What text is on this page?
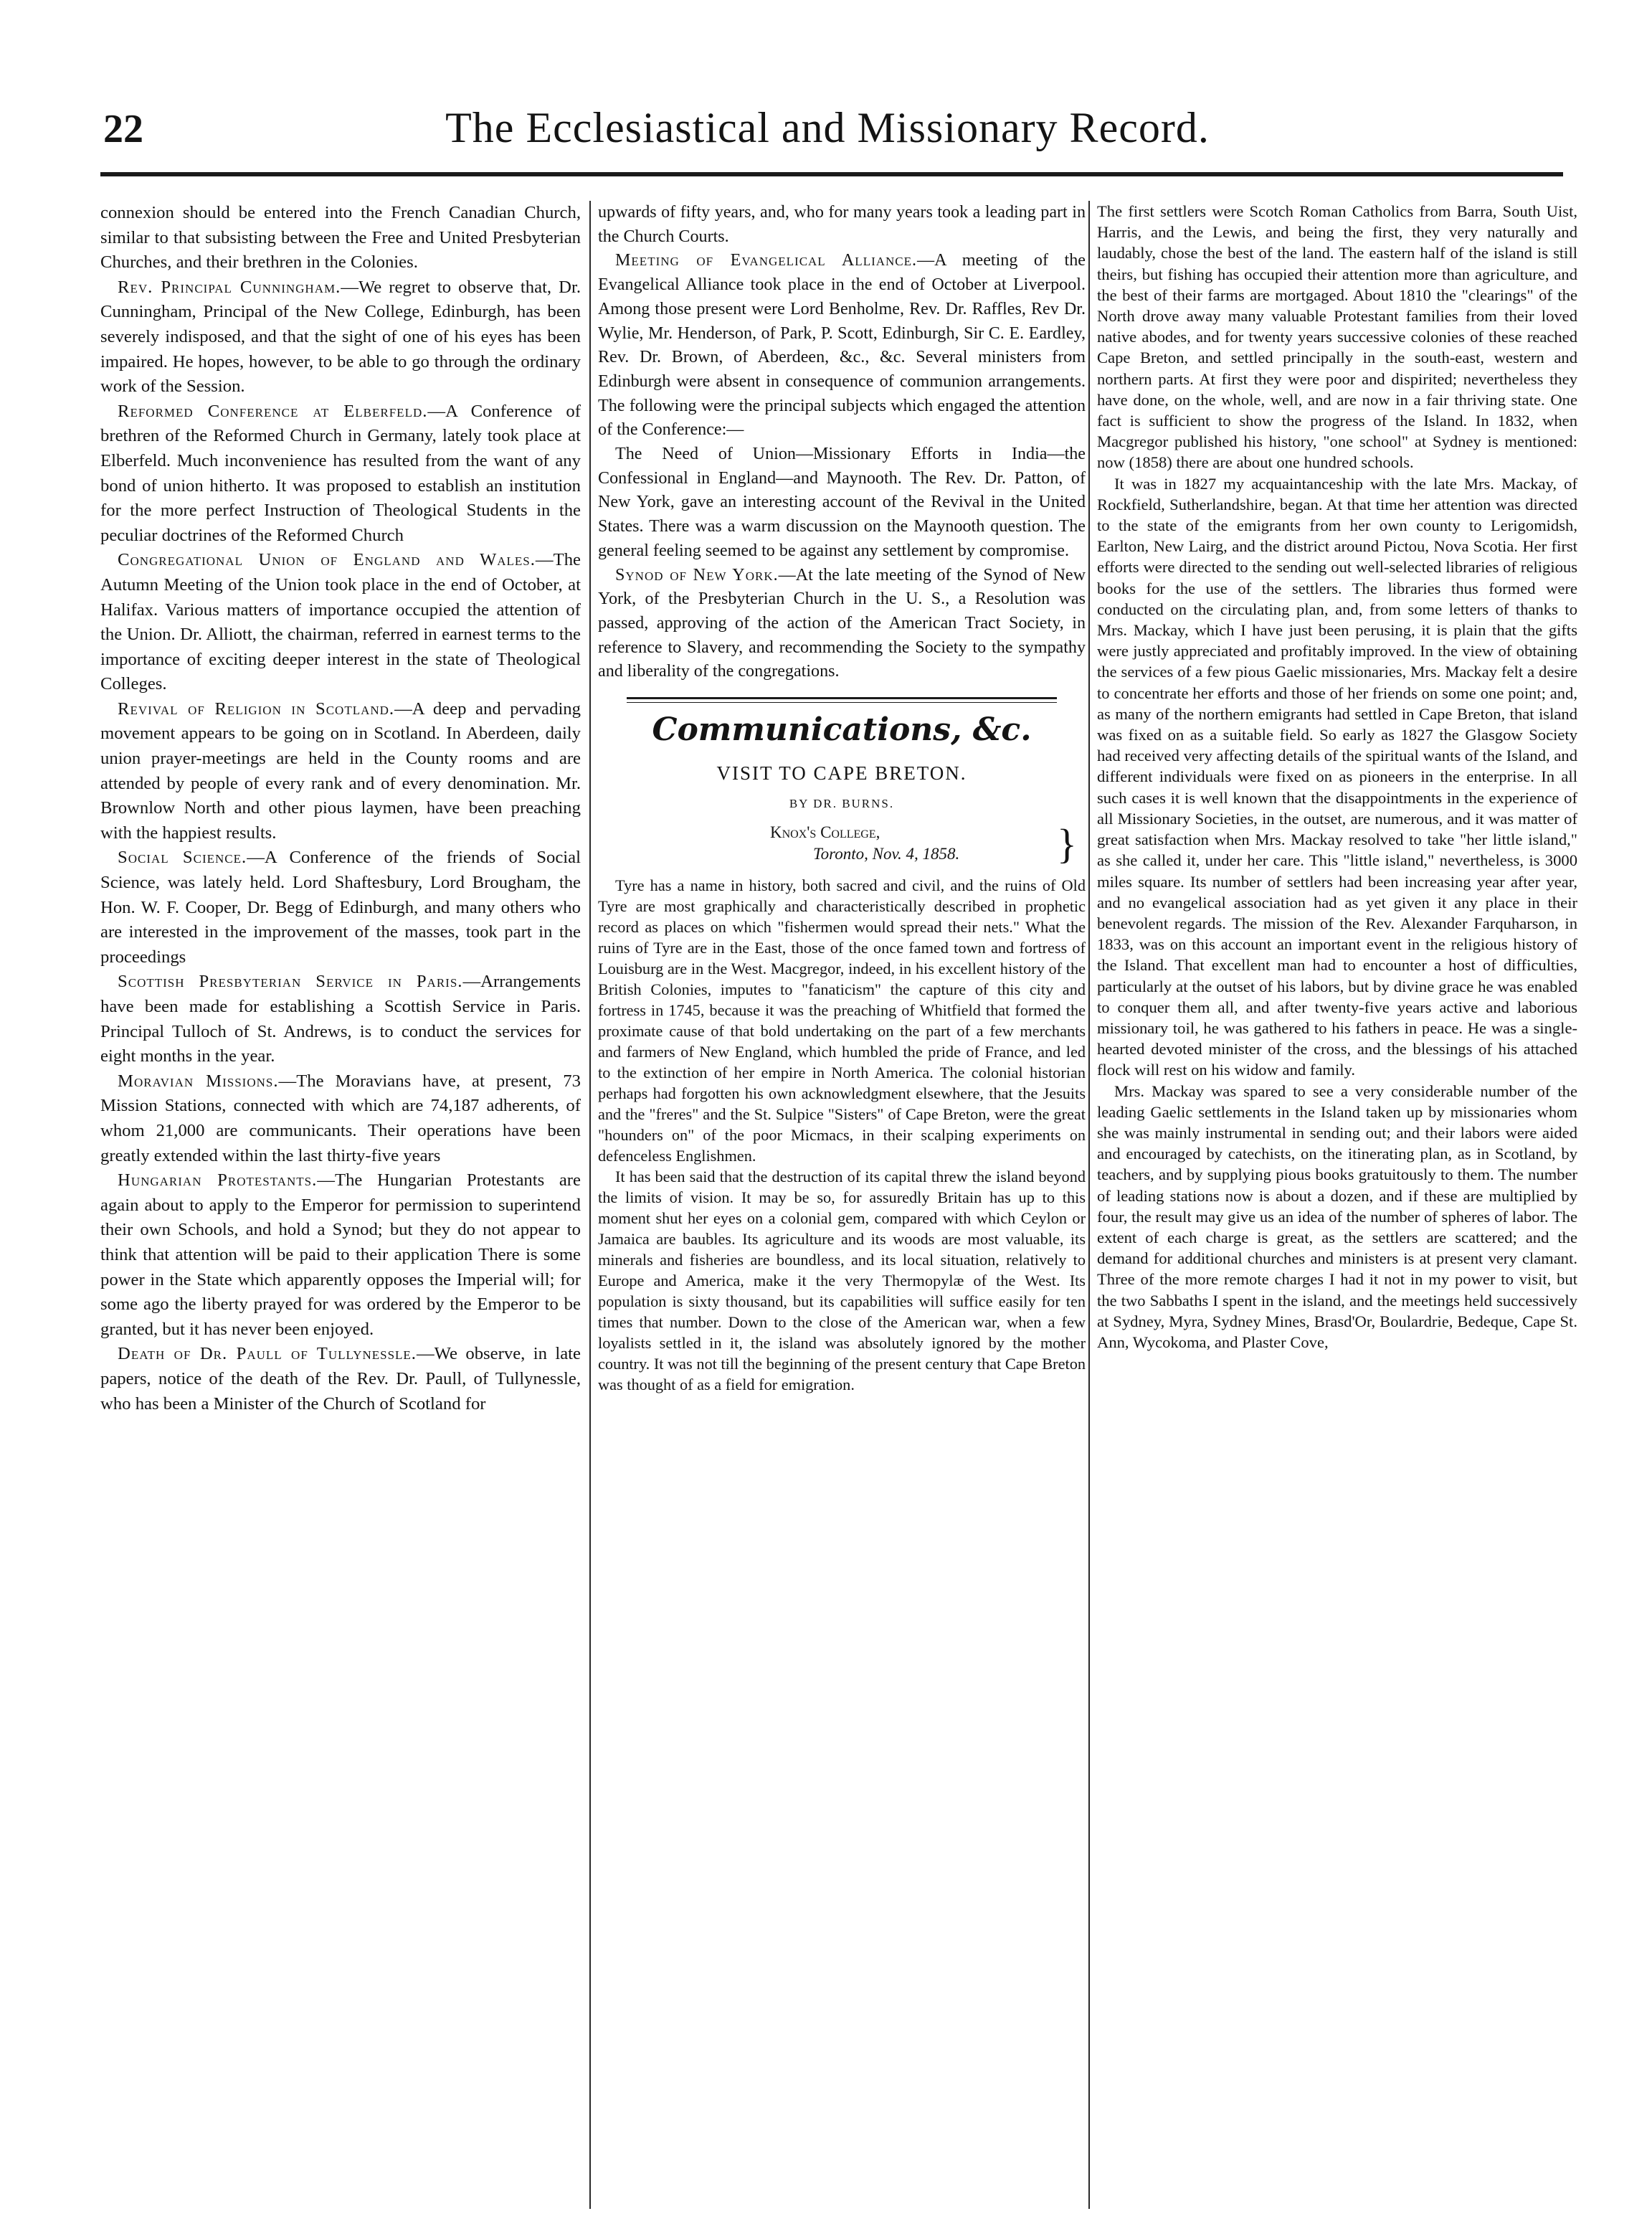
22	The Ecclesiastical and Missionary Record.

connexion should be entered into the French Canadian Church, similar to that subsisting between the Free and United Presbyterian Churches, and their brethren in the Colonies.

Rev. Principal Cunningham.—We regret to observe that, Dr. Cunningham, Principal of the New College, Edinburgh, has been severely indisposed, and that the sight of one of his eyes has been impaired. He hopes, however, to be able to go through the ordinary work of the Session.

Reformed Conference at Elberfeld.—A Conference of brethren of the Reformed Church in Germany, lately took place at Elberfeld. Much inconvenience has resulted from the want of any bond of union hitherto. It was proposed to establish an institution for the more perfect Instruction of Theological Students in the peculiar doctrines of the Reformed Church

Congregational Union of England and Wales.—The Autumn Meeting of the Union took place in the end of October, at Halifax. Various matters of importance occupied the attention of the Union. Dr. Alliott, the chairman, referred in earnest terms to the importance of exciting deeper interest in the state of Theological Colleges.

Revival of Religion in Scotland.—A deep and pervading movement appears to be going on in Scotland. In Aberdeen, daily union prayer-meetings are held in the County rooms and are attended by people of every rank and of every denomination. Mr. Brownlow North and other pious laymen, have been preaching with the happiest results.

Social Science.—A Conference of the friends of Social Science, was lately held. Lord Shaftesbury, Lord Brougham, the Hon. W. F. Cooper, Dr. Begg of Edinburgh, and many others who are interested in the improvement of the masses, took part in the proceedings

Scottish Presbyterian Service in Paris.—Arrangements have been made for establishing a Scottish Service in Paris. Principal Tulloch of St. Andrews, is to conduct the services for eight months in the year.

Moravian Missions.—The Moravians have, at present, 73 Mission Stations, connected with which are 74,187 adherents, of whom 21,000 are communicants. Their operations have been greatly extended within the last thirty-five years

Hungarian Protestants.—The Hungarian Protestants are again about to apply to the Emperor for permission to superintend their own Schools, and hold a Synod; but they do not appear to think that attention will be paid to their application There is some power in the State which apparently opposes the Imperial will; for some ago the liberty prayed for was ordered by the Emperor to be granted, but it has never been enjoyed.

Death of Dr. Paull of Tullynessle.—We observe, in late papers, notice of the death of the Rev. Dr. Paull, of Tullynessle, who has been a Minister of the Church of Scotland for

upwards of fifty years, and, who for many years took a leading part in the Church Courts.

Meeting of Evangelical Alliance.—A meeting of the Evangelical Alliance took place in the end of October at Liverpool. Among those present were Lord Benholme, Rev. Dr. Raffles, Rev Dr. Wylie, Mr. Henderson, of Park, P. Scott, Edinburgh, Sir C. E. Eardley, Rev. Dr. Brown, of Aberdeen, &c., &c. Several ministers from Edinburgh were absent in consequence of communion arrangements. The following were the principal subjects which engaged the attention of the Conference:—

The Need of Union—Missionary Efforts in India—the Confessional in England—and Maynooth. The Rev. Dr. Patton, of New York, gave an interesting account of the Revival in the United States. There was a warm discussion on the Maynooth question. The general feeling seemed to be against any settlement by compromise.

Synod of New York.—At the late meeting of the Synod of New York, of the Presbyterian Church in the U. S., a Resolution was passed, approving of the action of the American Tract Society, in reference to Slavery, and recommending the Society to the sympathy and liberality of the congregations.

Communications, &c.
VISIT TO CAPE BRETON.
BY DR. BURNS.
Knox's College,
Toronto, Nov. 4, 1858.	}

Tyre has a name in history, both sacred and civil, and the ruins of Old Tyre are most graphically and characteristically described in prophetic record as places on which "fishermen would spread their nets." What the ruins of Tyre are in the East, those of the once famed town and fortress of Louisburg are in the West. Macgregor, indeed, in his excellent history of the British Colonies, imputes to "fanaticism" the capture of this city and fortress in 1745, because it was the preaching of Whitfield that formed the proximate cause of that bold undertaking on the part of a few merchants and farmers of New England, which humbled the pride of France, and led to the extinction of her empire in North America. The colonial historian perhaps had forgotten his own acknowledgment elsewhere, that the Jesuits and the "freres" and the St. Sulpice "Sisters" of Cape Breton, were the great "hounders on" of the poor Micmacs, in their scalping experiments on defenceless Englishmen.

It has been said that the destruction of its capital threw the island beyond the limits of vision. It may be so, for assuredly Britain has up to this moment shut her eyes on a colonial gem, compared with which Ceylon or Jamaica are baubles. Its agriculture and its woods are most valuable, its minerals and fisheries are boundless, and its local situation, relatively to Europe and America, make it the very Thermopylæ of the West. Its population is sixty thousand, but its capabilities will suffice easily for ten times that number. Down to the close of the American war, when a few loyalists settled in it, the island was absolutely ignored by the mother country. It was not till the beginning of the present century that Cape Breton was thought of as a field for emigration.

The first settlers were Scotch Roman Catholics from Barra, South Uist, Harris, and the Lewis, and being the first, they very naturally and laudably, chose the best of the land. The eastern half of the island is still theirs, but fishing has occupied their attention more than agriculture, and the best of their farms are mortgaged. About 1810 the "clearings" of the North drove away many valuable Protestant families from their loved native abodes, and for twenty years successive colonies of these reached Cape Breton, and settled principally in the south-east, western and northern parts. At first they were poor and dispirited; nevertheless they have done, on the whole, well, and are now in a fair thriving state. One fact is sufficient to show the progress of the Island. In 1832, when Macgregor published his history, "one school" at Sydney is mentioned: now (1858) there are about one hundred schools.

It was in 1827 my acquaintanceship with the late Mrs. Mackay, of Rockfield, Sutherlandshire, began. At that time her attention was directed to the state of the emigrants from her own county to Lerigomidsh, Earlton, New Lairg, and the district around Pictou, Nova Scotia. Her first efforts were directed to the sending out well-selected libraries of religious books for the use of the settlers. The libraries thus formed were conducted on the circulating plan, and, from some letters of thanks to Mrs. Mackay, which I have just been perusing, it is plain that the gifts were justly appreciated and profitably improved. In the view of obtaining the services of a few pious Gaelic missionaries, Mrs. Mackay felt a desire to concentrate her efforts and those of her friends on some one point; and, as many of the northern emigrants had settled in Cape Breton, that island was fixed on as a suitable field. So early as 1827 the Glasgow Society had received very affecting details of the spiritual wants of the Island, and different individuals were fixed on as pioneers in the enterprise. In all such cases it is well known that the disappointments in the experience of all Missionary Societies, in the outset, are numerous, and it was matter of great satisfaction when Mrs. Mackay resolved to take "her little island," as she called it, under her care. This "little island," nevertheless, is 3000 miles square. Its number of settlers had been increasing year after year, and no evangelical association had as yet given it any place in their benevolent regards. The mission of the Rev. Alexander Farquharson, in 1833, was on this account an important event in the religious history of the Island. That excellent man had to encounter a host of difficulties, particularly at the outset of his labors, but by divine grace he was enabled to conquer them all, and after twenty-five years active and laborious missionary toil, he was gathered to his fathers in peace. He was a single-hearted devoted minister of the cross, and the blessings of his attached flock will rest on his widow and family.

Mrs. Mackay was spared to see a very considerable number of the leading Gaelic settlements in the Island taken up by missionaries whom she was mainly instrumental in sending out; and their labors were aided and encouraged by catechists, on the itinerating plan, as in Scotland, by teachers, and by supplying pious books gratuitously to them. The number of leading stations now is about a dozen, and if these are multiplied by four, the result may give us an idea of the number of spheres of labor. The extent of each charge is great, as the settlers are scattered; and the demand for additional churches and ministers is at present very clamant. Three of the more remote charges I had it not in my power to visit, but the two Sabbaths I spent in the island, and the meetings held successively at Sydney, Myra, Sydney Mines, Brasd'Or, Boulardrie, Bedeque, Cape St. Ann, Wycokoma, and Plaster Cove,
